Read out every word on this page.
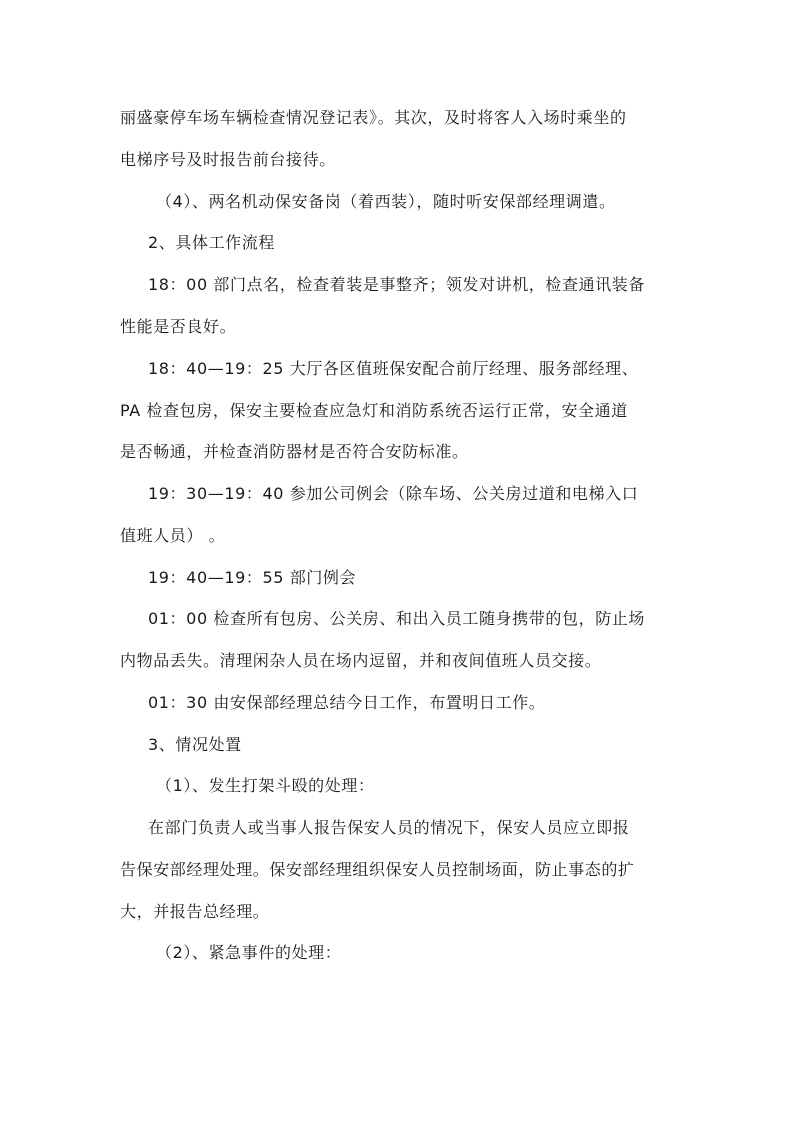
丽盛豪停车场车辆检查情况登记表》。其次，及时将客人入场时乘坐的
电梯序号及时报告前台接待。
（4）、两名机动保安备岗（着西装），随时听安保部经理调遣。
2、具体工作流程
18：00 部门点名，检查着装是事整齐；领发对讲机，检查通讯装备
性能是否良好。
18：40—19：25 大厅各区值班保安配合前厅经理、服务部经理、
PA 检查包房，保安主要检查应急灯和消防系统否运行正常，安全通道
是否畅通，并检查消防器材是否符合安防标准。
19：30—19：40 参加公司例会（除车场、公关房过道和电梯入口
值班人员） 。
19：40—19：55 部门例会
01：00 检查所有包房、公关房、和出入员工随身携带的包，防止场
内物品丢失。清理闲杂人员在场内逗留，并和夜间值班人员交接。
01：30 由安保部经理总结今日工作，布置明日工作。
3、情况处置
（1）、发生打架斗殴的处理：
在部门负责人或当事人报告保安人员的情况下，保安人员应立即报
告保安部经理处理。保安部经理组织保安人员控制场面，防止事态的扩
大，并报告总经理。
（2）、紧急事件的处理：
